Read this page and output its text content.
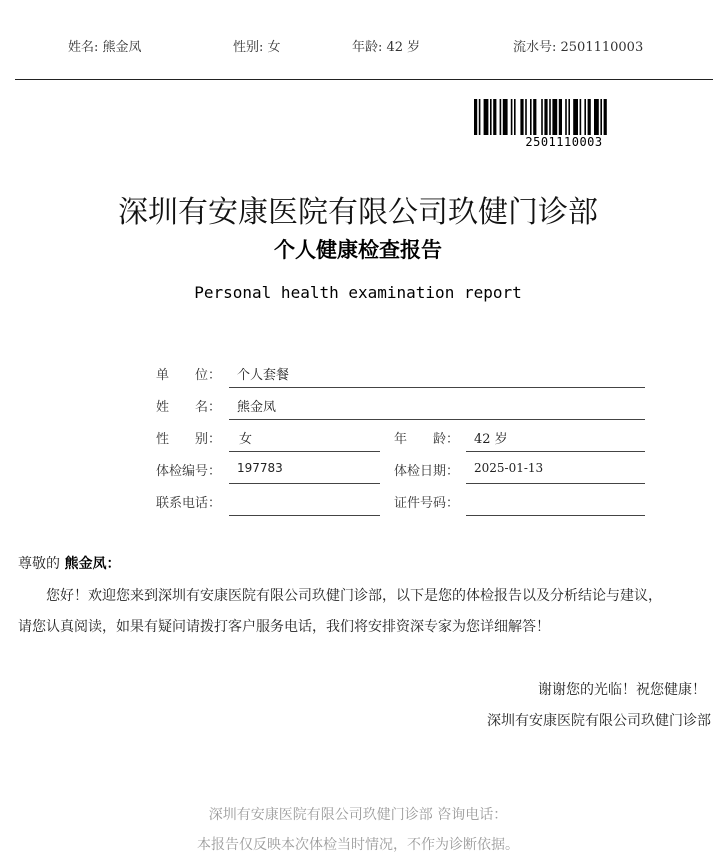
姓名: 熊金凤	性别: 女	年龄: 42 岁	流水号: 2501110003
2501110003
深圳有安康医院有限公司玖健门诊部
个人健康检查报告
Personal health examination report
单　　位： 个人套餐
姓　　名： 熊金凤
性　　别： 女	年　　龄： 42 岁
体检编号： 197783	体检日期： 2025-01-13
联系电话：	证件号码：
尊敬的 熊金凤：
您好！欢迎您来到深圳有安康医院有限公司玖健门诊部，以下是您的体检报告以及分析结论与建议，
请您认真阅读，如果有疑问请拨打客户服务电话，我们将安排资深专家为您详细解答！
谢谢您的光临！祝您健康！
深圳有安康医院有限公司玖健门诊部
深圳有安康医院有限公司玖健门诊部 咨询电话：
本报告仅反映本次体检当时情况，不作为诊断依据。
